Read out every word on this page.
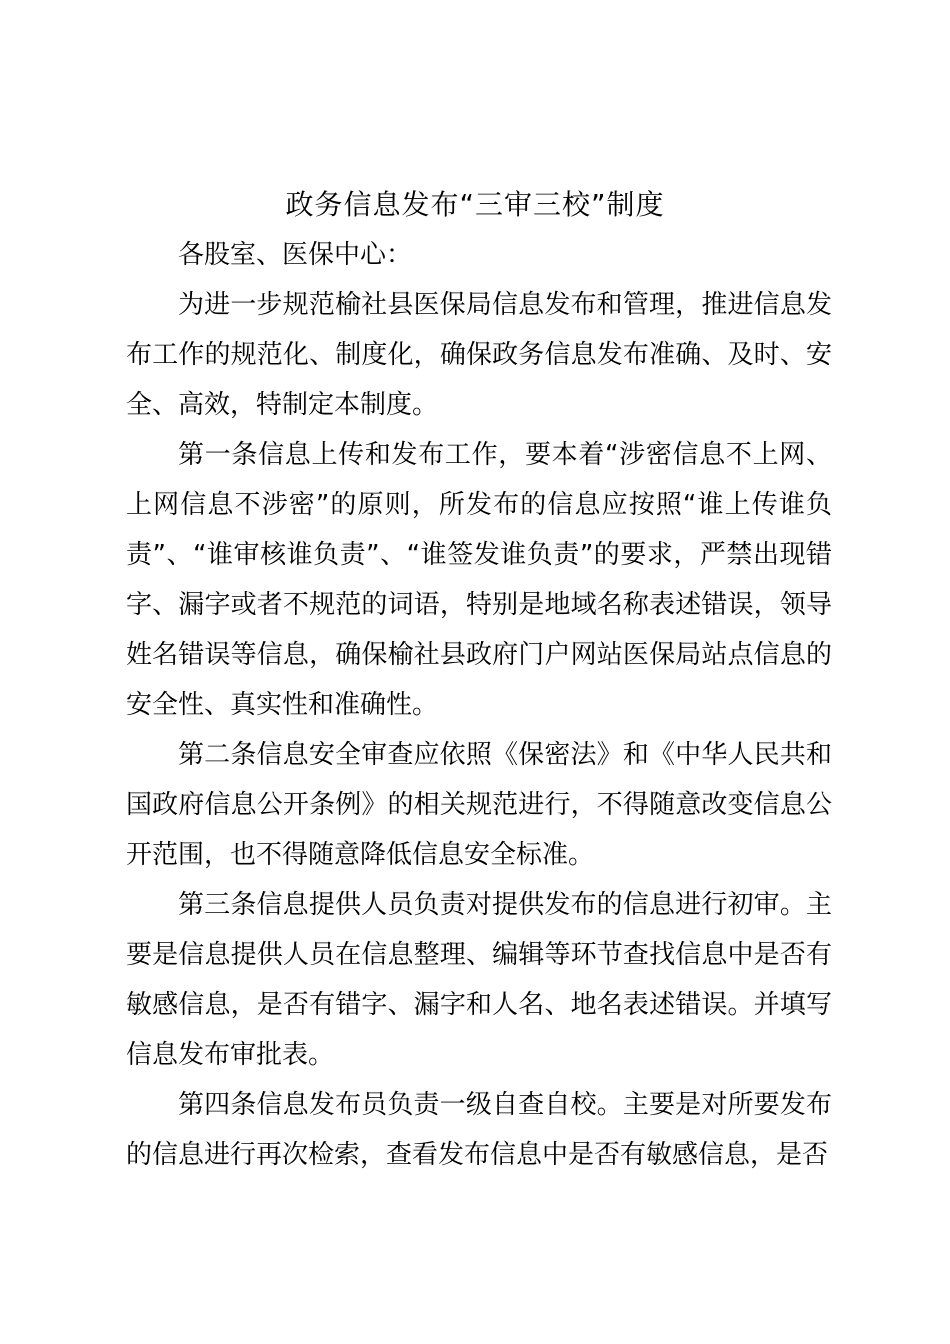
政务信息发布“三审三校”制度

各股室、医保中心：

为进一步规范榆社县医保局信息发布和管理，推进信息发布工作的规范化、制度化，确保政务信息发布准确、及时、安全、高效，特制定本制度。

第一条信息上传和发布工作，要本着“涉密信息不上网、上网信息不涉密”的原则，所发布的信息应按照“谁上传谁负责”、“谁审核谁负责”、“谁签发谁负责”的要求，严禁出现错字、漏字或者不规范的词语，特别是地域名称表述错误，领导姓名错误等信息，确保榆社县政府门户网站医保局站点信息的安全性、真实性和准确性。

第二条信息安全审查应依照《保密法》和《中华人民共和国政府信息公开条例》的相关规范进行，不得随意改变信息公开范围，也不得随意降低信息安全标准。

第三条信息提供人员负责对提供发布的信息进行初审。主要是信息提供人员在信息整理、编辑等环节查找信息中是否有敏感信息，是否有错字、漏字和人名、地名表述错误。并填写信息发布审批表。

第四条信息发布员负责一级自查自校。主要是对所要发布的信息进行再次检索，查看发布信息中是否有敏感信息，是否
